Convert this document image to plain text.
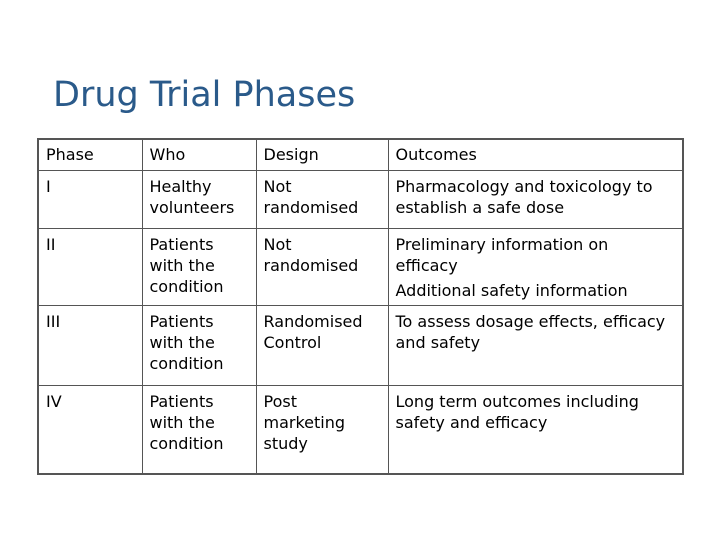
Drug Trial Phases
Phase	Who	Design	Outcomes
I	Healthy volunteers	Not randomised	Pharmacology and toxicology to establish a safe dose

II	Patients with the condition	Not randomised	Preliminary information on efficacy
Additional safety information

III	Patients with the condition	Randomised Control	To assess dosage effects, efficacy and safety

IV	Patients with the condition	Post marketing study	Long term outcomes including safety and efficacy
